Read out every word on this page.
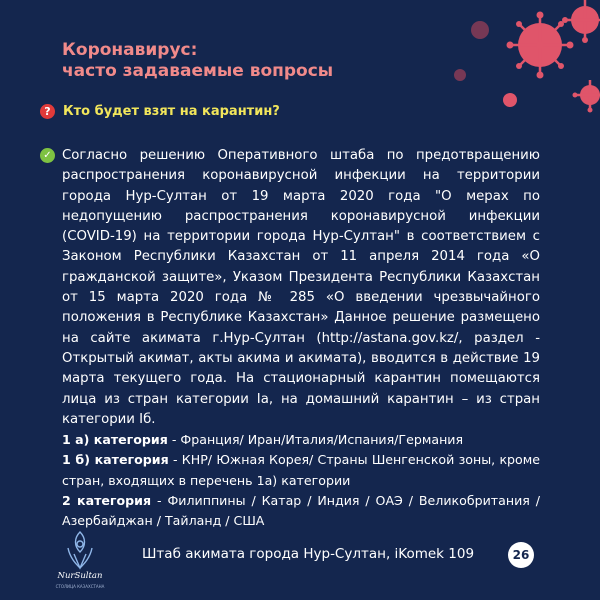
Коронавирус:
часто задаваемые вопросы
? Кто будет взят на карантин?
✓ Согласно решению Оперативного штаба по предотвращению распространения коронавирусной инфекции на территории города Нур-Султан от 19 марта 2020 года "О мерах по недопущению распространения коронавирусной инфекции (COVID-19) на территории города Нур-Султан" в соответствием с Законом Республики Казахстан от 11 апреля 2014 года «О гражданской защите», Указом Президента Республики Казахстан от 15 марта 2020 года № 285 «О введении чрезвычайного положения в Республике Казахстан» Данное решение размещено на сайте акимата г.Нур-Султан (http://astana.gov.kz/, раздел - Открытый акимат, акты акима и акимата), вводится в действие 19 марта текущего года. На стационарный карантин помещаются лица из стран категории Iа, на домашний карантин – из стран категории Iб.

1 а) категория - Франция/ Иран/Италия/Испания/Германия

1 б) категория - КНР/ Южная Корея/ Страны Шенгенской зоны, кроме стран, входящих в перечень 1а) категории

2 категория - Филиппины / Катар / Индия / ОАЭ / Великобритания / Азербайджан / Тайланд / США

NurSultan
СТОЛИЦА КАЗАХСТАНА
Штаб акимата города Нур-Султан, iKomek 109	26
